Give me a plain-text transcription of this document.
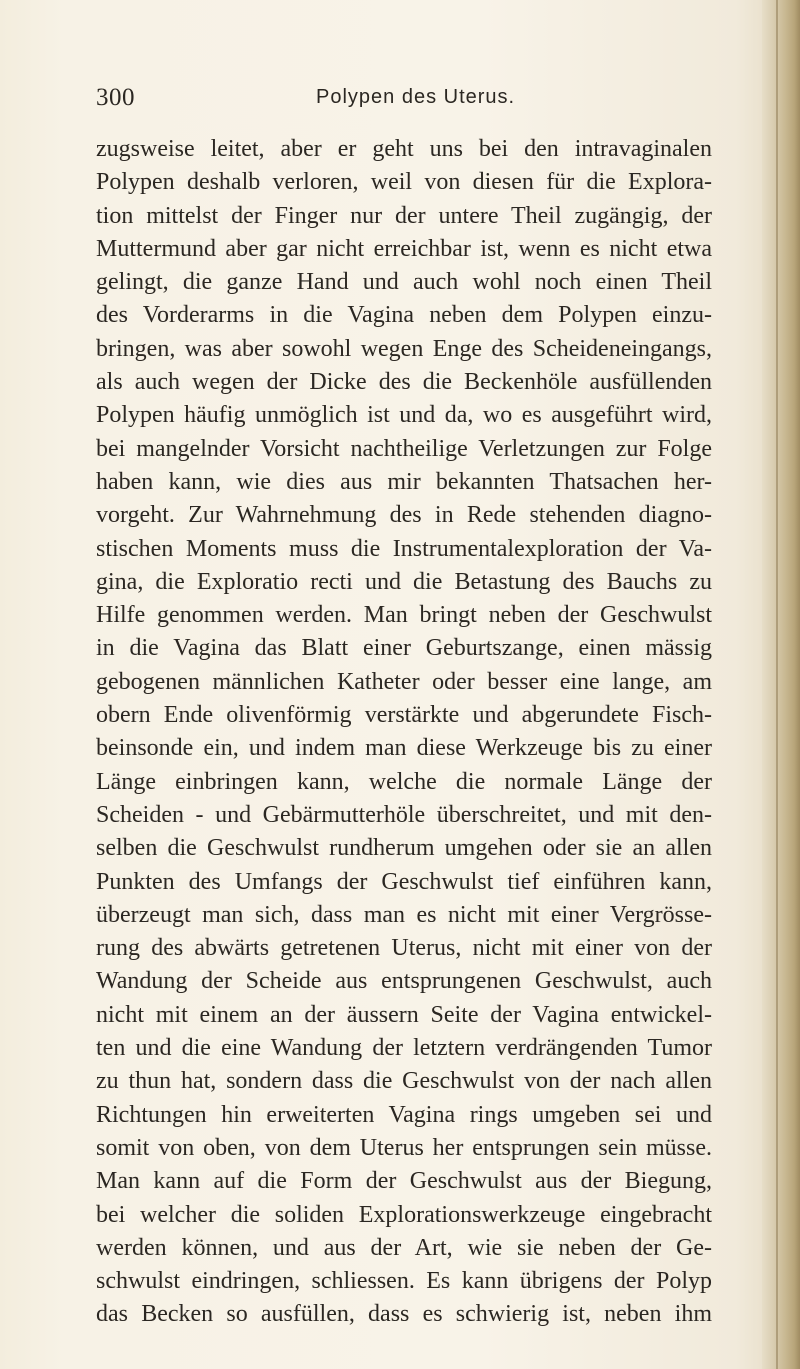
300	Polypen des Uterus.
zugsweise leitet, aber er geht uns bei den intravaginalen
Polypen deshalb verloren, weil von diesen für die Explora-
tion mittelst der Finger nur der untere Theil zugängig, der
Muttermund aber gar nicht erreichbar ist, wenn es nicht etwa
gelingt, die ganze Hand und auch wohl noch einen Theil
des Vorderarms in die Vagina neben dem Polypen einzu-
bringen, was aber sowohl wegen Enge des Scheideneingangs,
als auch wegen der Dicke des die Beckenhöle ausfüllenden
Polypen häufig unmöglich ist und da, wo es ausgeführt wird,
bei mangelnder Vorsicht nachtheilige Verletzungen zur Folge
haben kann, wie dies aus mir bekannten Thatsachen her-
vorgeht. Zur Wahrnehmung des in Rede stehenden diagno-
stischen Moments muss die Instrumentalexploration der Va-
gina, die Exploratio recti und die Betastung des Bauchs zu
Hilfe genommen werden. Man bringt neben der Geschwulst
in die Vagina das Blatt einer Geburtszange, einen mässig
gebogenen männlichen Katheter oder besser eine lange, am
obern Ende olivenförmig verstärkte und abgerundete Fisch-
beinsonde ein, und indem man diese Werkzeuge bis zu einer
Länge einbringen kann, welche die normale Länge der
Scheiden - und Gebärmutterhöle überschreitet, und mit den-
selben die Geschwulst rundherum umgehen oder sie an allen
Punkten des Umfangs der Geschwulst tief einführen kann,
überzeugt man sich, dass man es nicht mit einer Vergrösse-
rung des abwärts getretenen Uterus, nicht mit einer von der
Wandung der Scheide aus entsprungenen Geschwulst, auch
nicht mit einem an der äussern Seite der Vagina entwickel-
ten und die eine Wandung der letztern verdrängenden Tumor
zu thun hat, sondern dass die Geschwulst von der nach allen
Richtungen hin erweiterten Vagina rings umgeben sei und
somit von oben, von dem Uterus her entsprungen sein müsse.
Man kann auf die Form der Geschwulst aus der Biegung,
bei welcher die soliden Explorationswerkzeuge eingebracht
werden können, und aus der Art, wie sie neben der Ge-
schwulst eindringen, schliessen. Es kann übrigens der Polyp
das Becken so ausfüllen, dass es schwierig ist, neben ihm
